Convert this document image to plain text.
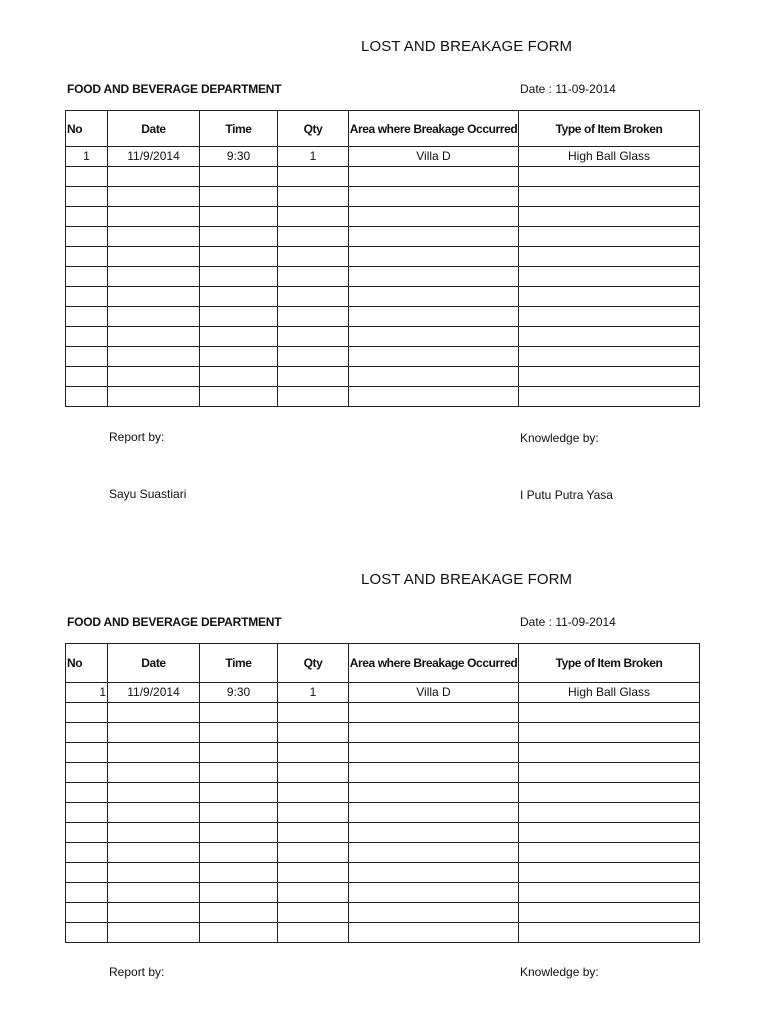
LOST AND BREAKAGE FORM
FOOD AND BEVERAGE DEPARTMENT	Date : 11-09-2014
No	Date	Time	Qty	Area where Breakage Occurred	Type of Item Broken
1	11/9/2014	9:30	1	Villa D	High Ball Glass

Report by:	Knowledge by:
Sayu Suastiari	I Putu Putra Yasa
LOST AND BREAKAGE FORM
FOOD AND BEVERAGE DEPARTMENT	Date : 11-09-2014
No	Date	Time	Qty	Area where Breakage Occurred	Type of Item Broken
1	11/9/2014	9:30	1	Villa D	High Ball Glass

Report by:	Knowledge by:
